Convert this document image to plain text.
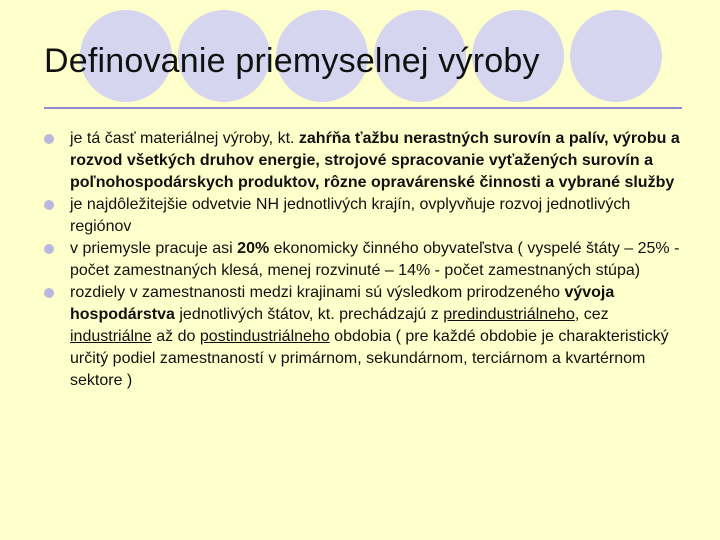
Definovanie priemyselnej výroby
je tá časť materiálnej výroby, kt. zahŕňa ťažbu nerastných surovín a palív, výrobu a rozvod všetkých druhov energie, strojové spracovanie vyťažených surovín a poľnohospodárskych produktov, rôzne opravárenské činnosti a vybrané služby
je najdôležitejšie odvetvie NH jednotlivých krajín, ovplyvňuje rozvoj jednotlivých regiónov
v priemysle pracuje asi 20% ekonomicky činného obyvateľstva ( vyspelé štáty – 25% - počet zamestnaných klesá, menej rozvinuté – 14% - počet zamestnaných stúpa)
rozdiely v zamestnanosti medzi krajinami sú výsledkom prirodzeného vývoja hospodárstva jednotlivých štátov, kt. prechádzajú z predindustriálneho, cez industriálne až do postindustriálneho obdobia ( pre každé obdobie je charakteristický určitý podiel zamestnaností v primárnom, sekundárnom, terciárnom a kvartérnom sektore )
